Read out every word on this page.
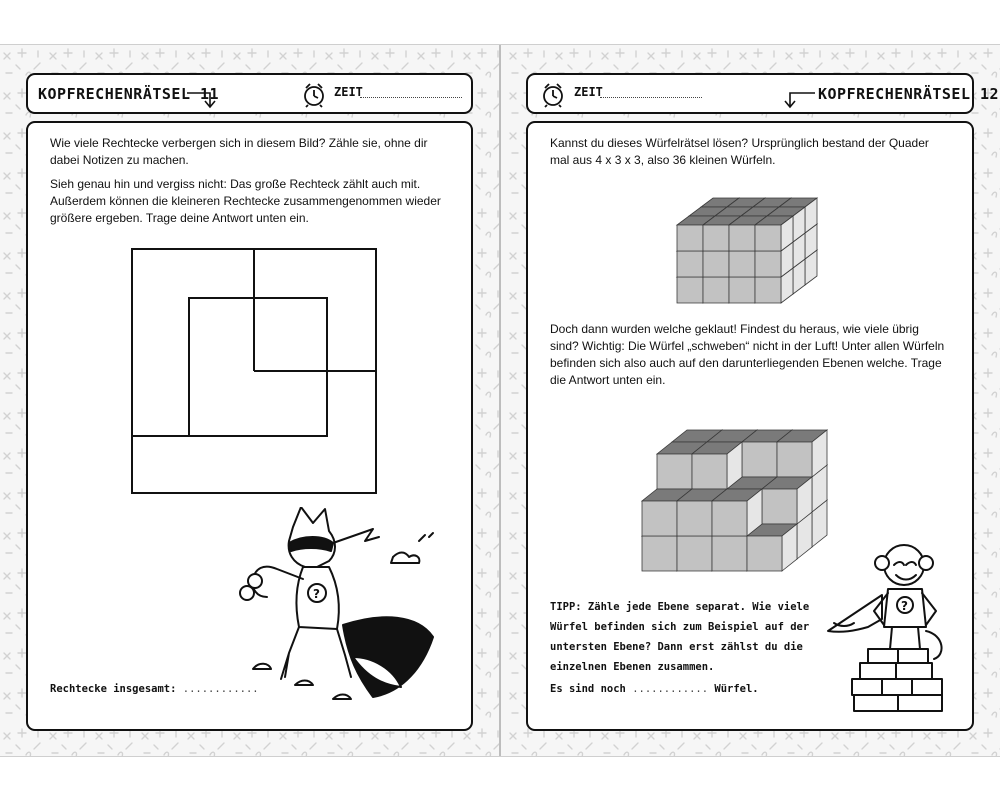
KOPFRECHENRÄTSEL 11	ZEIT

Wie viele Rechtecke verbergen sich in diesem Bild? Zähle sie, ohne dir dabei Notizen zu machen.

Sieh genau hin und vergiss nicht: Das große Rechteck zählt auch mit. Außerdem können die kleineren Rechtecke zusammengenommen wieder größere ergeben. Trage deine Antwort unten ein.

?
Rechtecke insgesamt: ............
ZEIT	KOPFRECHENRÄTSEL 12
Kannst du dieses Würfelrätsel lösen? Ursprünglich bestand der Quader mal aus 4 x 3 x 3, also 36 kleinen Würfeln.
Doch dann wurden welche geklaut! Findest du heraus, wie viele übrig sind? Wichtig: Die Würfel „schweben“ nicht in der Luft! Unter allen Würfeln befinden sich also auch auf den darunterliegenden Ebenen welche. Trage die Antwort unten ein.
TIPP: Zähle jede Ebene separat. Wie viele Würfel befinden sich zum Beispiel auf der untersten Ebene? Dann erst zählst du die einzelnen Ebenen zusammen.
Es sind noch ............ Würfel.
?
